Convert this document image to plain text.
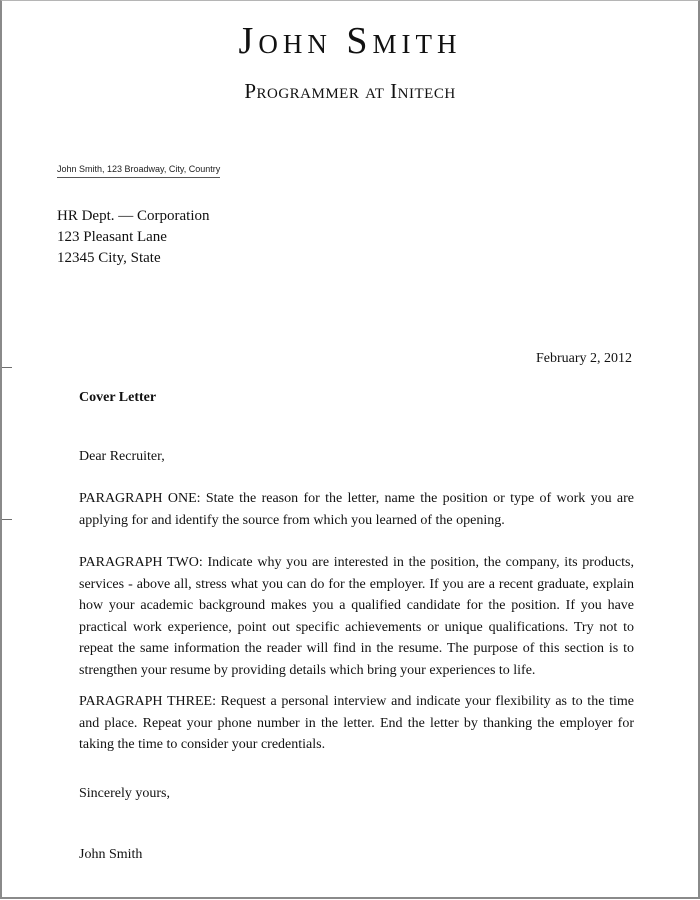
John Smith
Programmer at Initech
John Smith, 123 Broadway, City, Country
HR Dept. — Corporation
123 Pleasant Lane
12345 City, State
February 2, 2012
Cover Letter
Dear Recruiter,
PARAGRAPH ONE: State the reason for the letter, name the position or type of work you are applying for and identify the source from which you learned of the opening.
PARAGRAPH TWO: Indicate why you are interested in the position, the company, its products, services - above all, stress what you can do for the employer. If you are a recent graduate, explain how your academic background makes you a qualified candidate for the position. If you have practical work experience, point out specific achievements or unique qualifications. Try not to repeat the same information the reader will find in the resume. The purpose of this section is to strengthen your resume by providing details which bring your experiences to life.
PARAGRAPH THREE: Request a personal interview and indicate your flexibility as to the time and place. Repeat your phone number in the letter. End the letter by thanking the employer for taking the time to consider your credentials.
Sincerely yours,
John Smith
